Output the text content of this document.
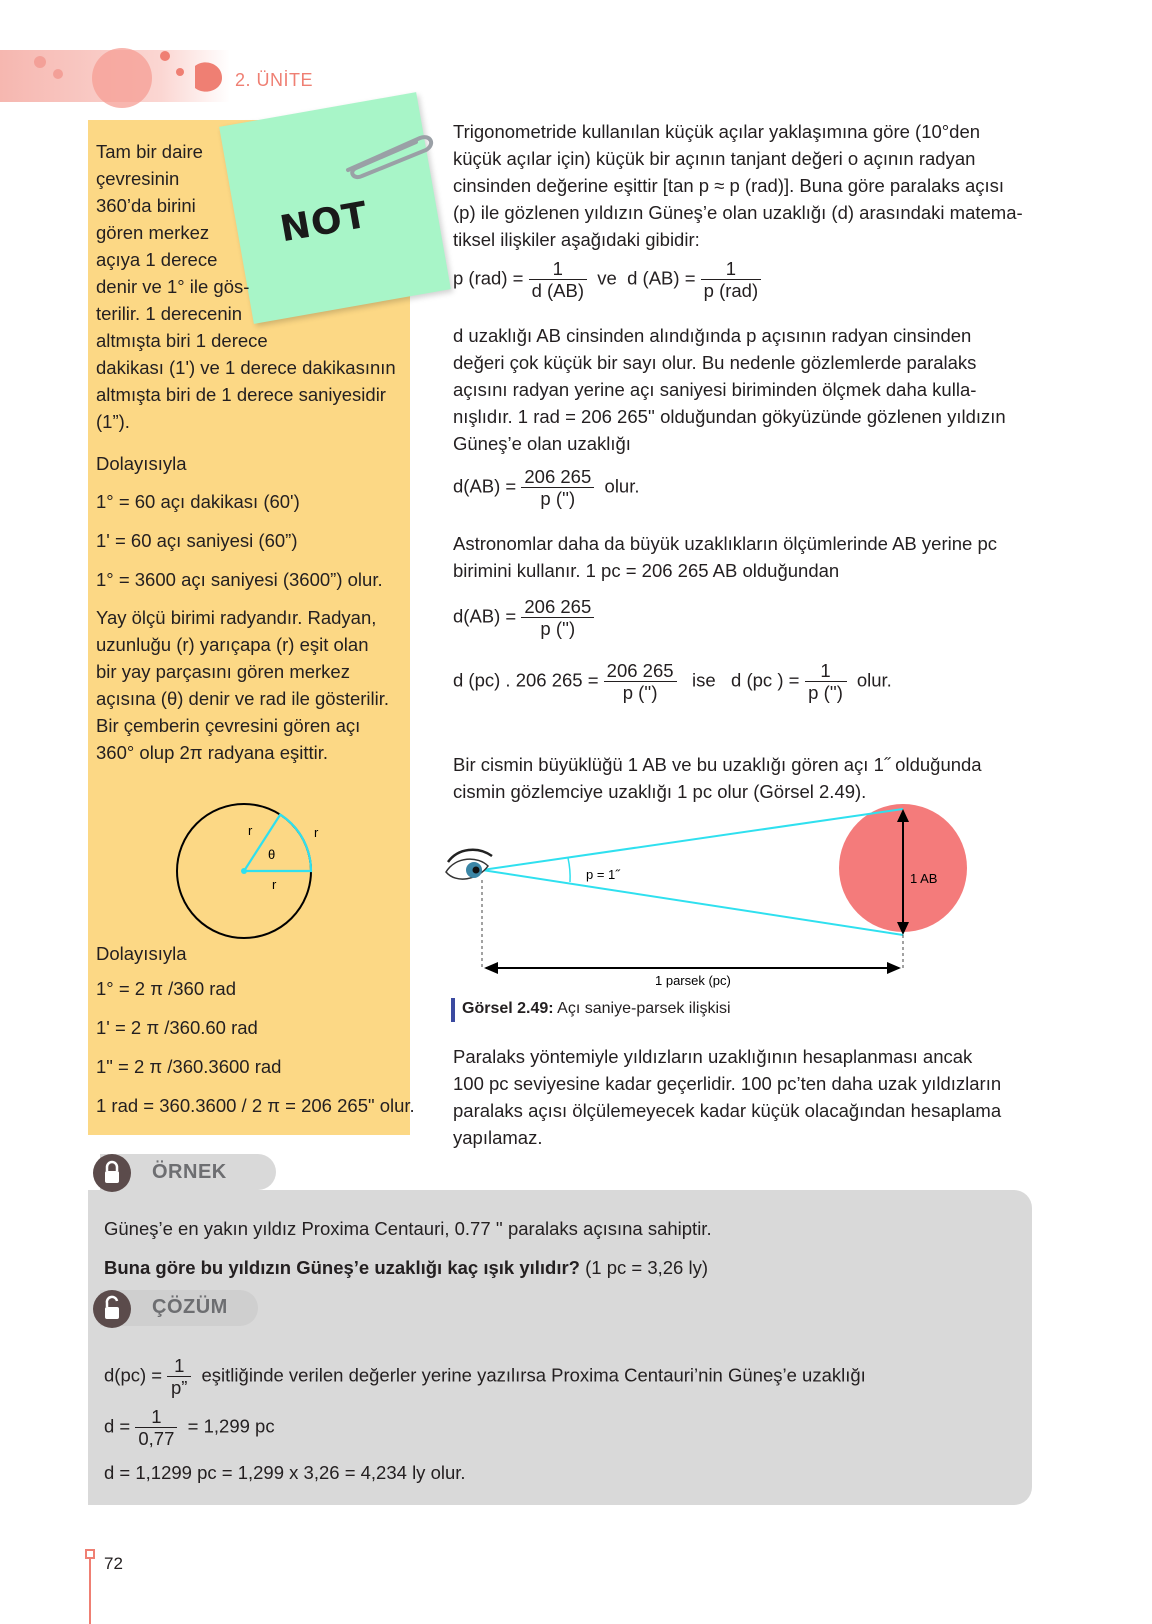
2. ÜNİTE
NOT
Tam bir daire
çevresinin
360’da birini
gören merkez
açıya 1 derece
denir ve 1° ile gös-
terilir. 1 derecenin
altmışta biri 1 derece
dakikası (1') ve 1 derece dakikasının
altmışta biri de 1 derece saniyesidir
(1”).
Dolayısıyla
1° = 60 açı dakikası (60')
1' = 60 açı saniyesi (60”)
1° = 3600 açı saniyesi (3600”) olur.
Yay ölçü birimi radyandır. Radyan,
uzunluğu (r) yarıçapa (r) eşit olan
bir yay parçasını gören merkez
açısına (θ) denir ve rad ile gösterilir.
Bir çemberin çevresini gören açı
360° olup 2π radyana eşittir.
r	r
r
θ
Dolayısıyla
1° = 2 π /360 rad
1' = 2 π /360.60 rad
1" = 2 π /360.3600 rad
1 rad = 360.3600 / 2 π = 206 265" olur.
Trigonometride kullanılan küçük açılar yaklaşımına göre (10°den
küçük açılar için) küçük bir açının tanjant değeri o açının radyan
cinsinden değerine eşittir [tan p ≈ p (rad)]. Buna göre paralaks açısı
(p) ile gözlenen yıldızın Güneş’e olan uzaklığı (d) arasındaki matema-
tiksel ilişkiler aşağıdaki gibidir:
p $(rad) = \frac{1}{d (AB)}$ ve d $(AB) = \frac{1}{\text{p (rad)}}$
d uzaklığı AB cinsinden alındığında p açısının radyan cinsinden
değeri çok küçük bir sayı olur. Bu nedenle gözlemlerde paralaks
açısını radyan yerine açı saniyesi biriminden ölçmek daha kulla-
nışlıdır. 1 rad = 206 265'' olduğundan gökyüzünde gözlenen yıldızın
Güneş’e olan uzaklığı
$d(AB) = \frac{206 265}{p ('')}$ olur.
Astronomlar daha da büyük uzaklıkların ölçümlerinde AB yerine pc
birimini kullanır. 1 pc = 206 265 AB olduğundan
$d(AB) = \frac{206 265}{p ('')}$
d (pc) . 206 $265 = \frac{206 265}{p ('')}$ ise d (pc ) = $\frac{1}{p ('')}$ olur.
Bir cismin büyüklüğü 1 AB ve bu uzaklığı gören açı 1˝ olduğunda
cismin gözlemciye uzaklığı 1 pc olur (Görsel 2.49).
p = 1˝	1 AB
1 parsek (pc)
Görsel 2.49: Açı saniye-parsek ilişkisi
Paralaks yöntemiyle yıldızların uzaklığının hesaplanması ancak
100 pc seviyesine kadar geçerlidir. 100 pc’ten daha uzak yıldızların
paralaks açısı ölçülemeyecek kadar küçük olacağından hesaplama
yapılamaz.
ÖRNEK
Güneş’e en yakın yıldız Proxima Centauri, 0.77 '' paralaks açısına sahiptir.
Buna göre bu yıldızın Güneş’e uzaklığı kaç ışık yılıdır? (1 pc = 3,26 ly)
ÇÖZÜM
$d(pc) = \frac{1}{p”}$ eşitliğinde verilen değerler yerine yazılırsa Proxima Centauri’nin Güneş’e uzaklığı
$d = \frac{1}{0,77} = 1,299$ pc
d = 1,1299 pc = 1,299 x 3,26 = 4,234 ly olur.
72
